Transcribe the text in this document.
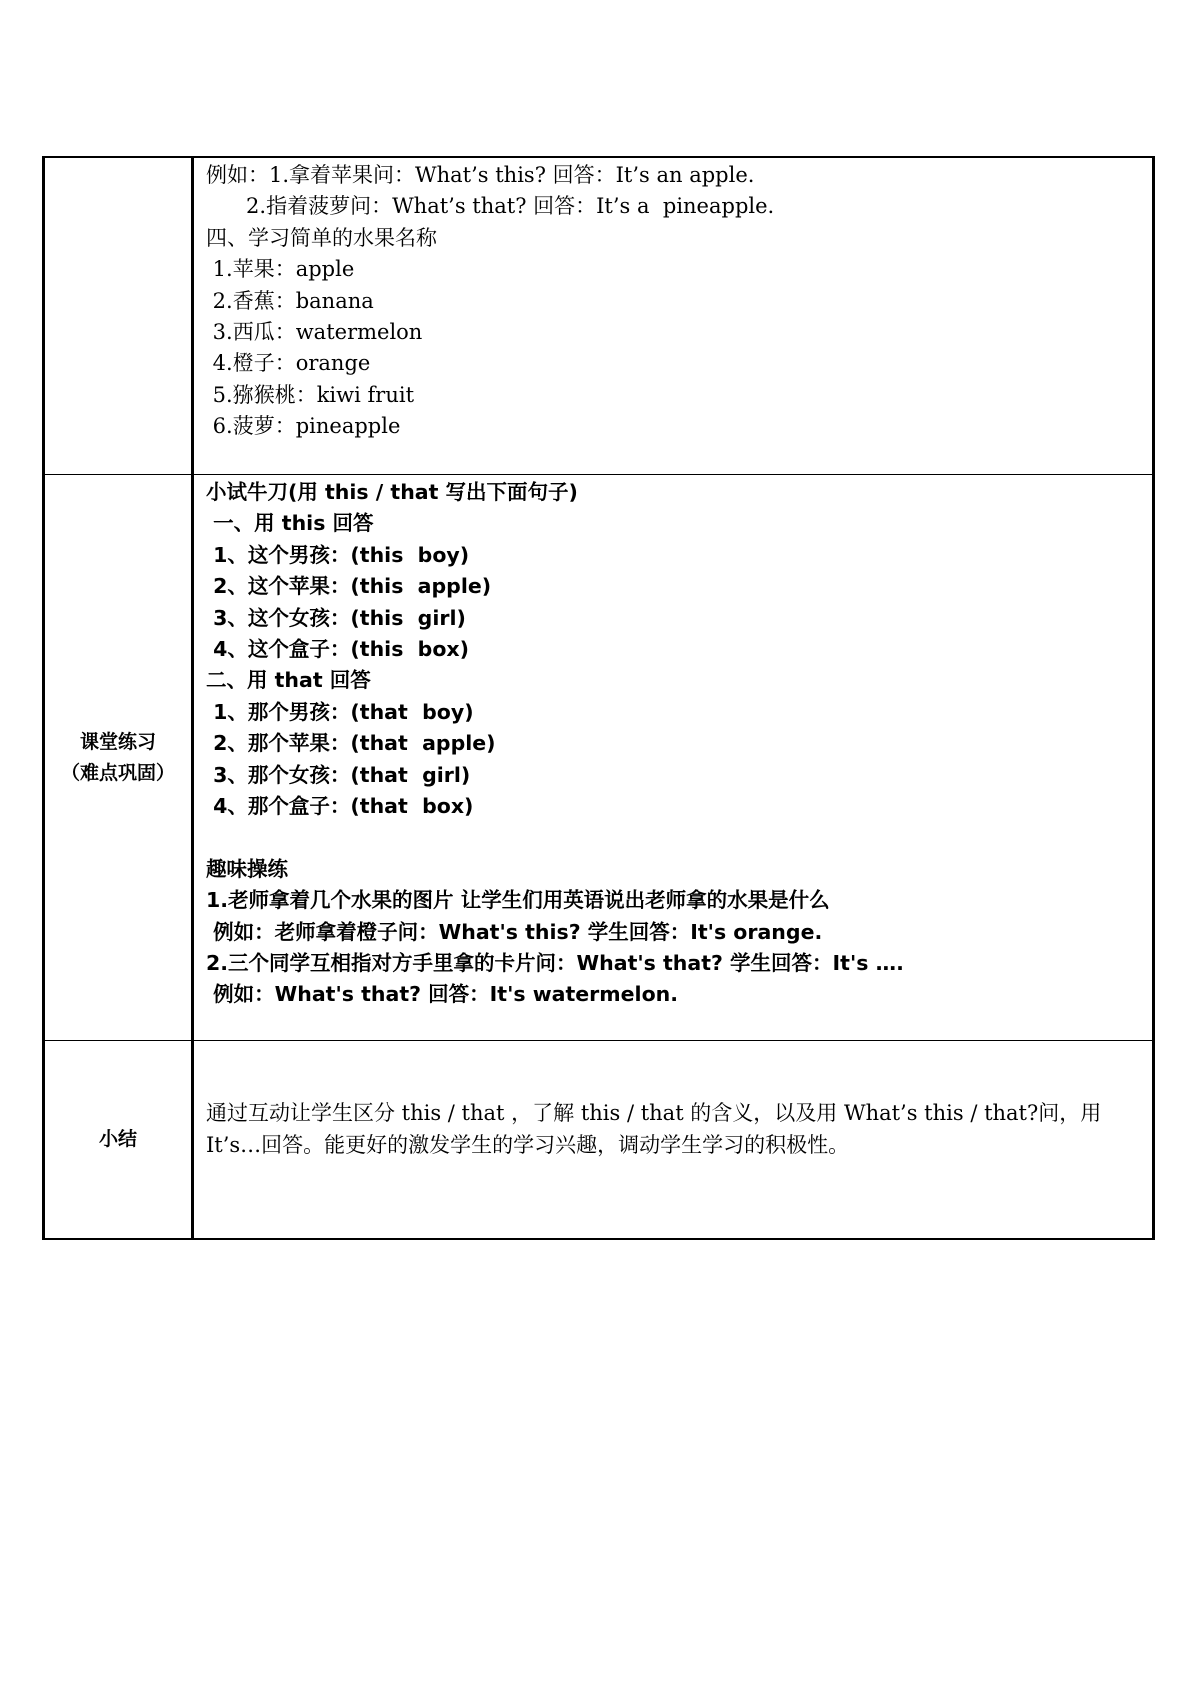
例如：1.拿着苹果问：What’s this? 回答：It’s an apple.
2.指着菠萝问：What’s that? 回答：It’s a  pineapple.
四、学习简单的水果名称
1.苹果：apple
2.香蕉：banana
3.西瓜：watermelon
4.橙子：orange
5.猕猴桃：kiwi fruit
6.菠萝：pineapple
课堂练习
（难点巩固）
小试牛刀(用 this / that 写出下面句子)
一、用 this 回答
1、这个男孩：(this  boy)
2、这个苹果：(this  apple)
3、这个女孩：(this  girl)
4、这个盒子：(this  box)
二、用 that 回答
1、那个男孩：(that  boy)
2、那个苹果：(that  apple)
3、那个女孩：(that  girl)
4、那个盒子：(that  box)
趣味操练
1.老师拿着几个水果的图片 让学生们用英语说出老师拿的水果是什么
例如：老师拿着橙子问：What's this? 学生回答：It's orange.
2.三个同学互相指对方手里拿的卡片问：What's that? 学生回答：It's ….
例如：What's that? 回答：It's watermelon.
小结
通过互动让学生区分 this / that ，了解 this / that 的含义，以及用 What’s this / that?问，用 It’s…回答。能更好的激发学生的学习兴趣，调动学生学习的积极性。
